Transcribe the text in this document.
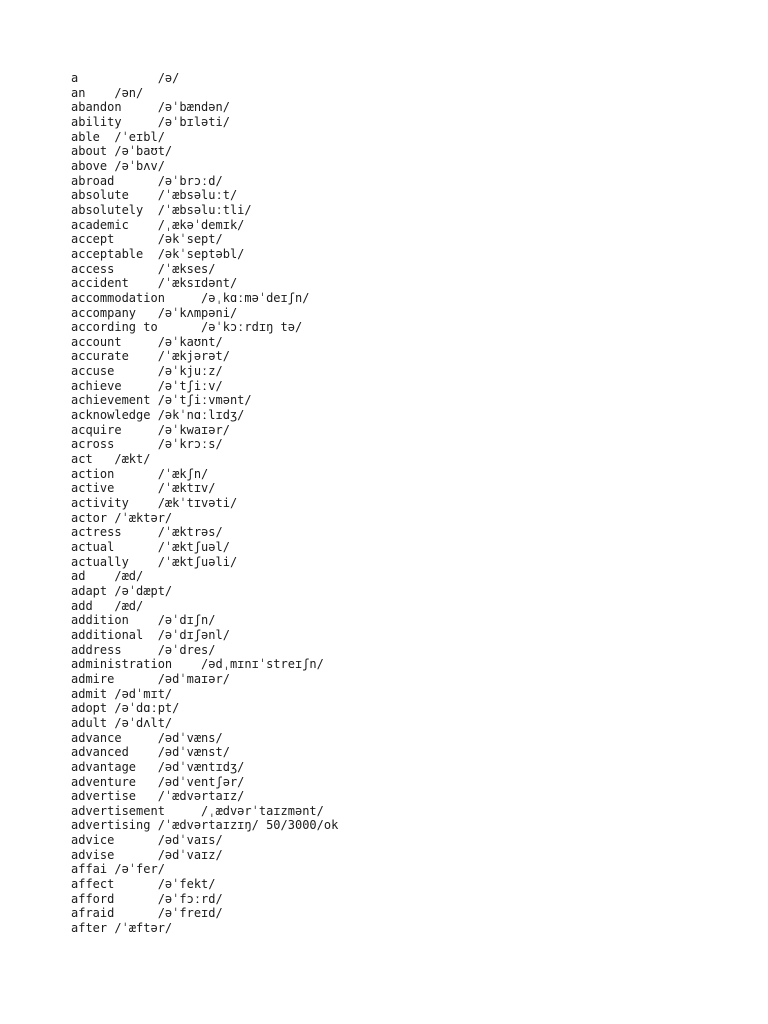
a           /ə/
an    /ən/
abandon     /əˈbændən/
ability     /əˈbɪləti/
able  /ˈeɪbl/
about /əˈbaʊt/
above /əˈbʌv/
abroad      /əˈbrɔːd/
absolute    /ˈæbsəluːt/
absolutely  /ˈæbsəluːtli/
academic    /ˌækəˈdemɪk/
accept      /əkˈsept/
acceptable  /əkˈseptəbl/
access      /ˈækses/
accident    /ˈæksɪdənt/
accommodation     /əˌkɑːməˈdeɪʃn/
accompany   /əˈkʌmpəni/
according to      /əˈkɔːrdɪŋ tə/
account     /əˈkaʊnt/
accurate    /ˈækjərət/
accuse      /əˈkjuːz/
achieve     /əˈtʃiːv/
achievement /əˈtʃiːvmənt/
acknowledge /əkˈnɑːlɪdʒ/
acquire     /əˈkwaɪər/
across      /əˈkrɔːs/
act   /ækt/
action      /ˈækʃn/
active      /ˈæktɪv/
activity    /ækˈtɪvəti/
actor /ˈæktər/
actress     /ˈæktrəs/
actual      /ˈæktʃuəl/
actually    /ˈæktʃuəli/
ad    /æd/
adapt /əˈdæpt/
add   /æd/
addition    /əˈdɪʃn/
additional  /əˈdɪʃənl/
address     /əˈdres/
administration    /ədˌmɪnɪˈstreɪʃn/
admire      /ədˈmaɪər/
admit /ədˈmɪt/
adopt /əˈdɑːpt/
adult /əˈdʌlt/
advance     /ədˈvæns/
advanced    /ədˈvænst/
advantage   /ədˈvæntɪdʒ/
adventure   /ədˈventʃər/
advertise   /ˈædvərtaɪz/
advertisement     /ˌædvərˈtaɪzmənt/
advertising /ˈædvərtaɪzɪŋ/ 50/3000/ok
advice      /ədˈvaɪs/
advise      /ədˈvaɪz/
affai /əˈfer/
affect      /əˈfekt/
afford      /əˈfɔːrd/
afraid      /əˈfreɪd/
after /ˈæftər/
